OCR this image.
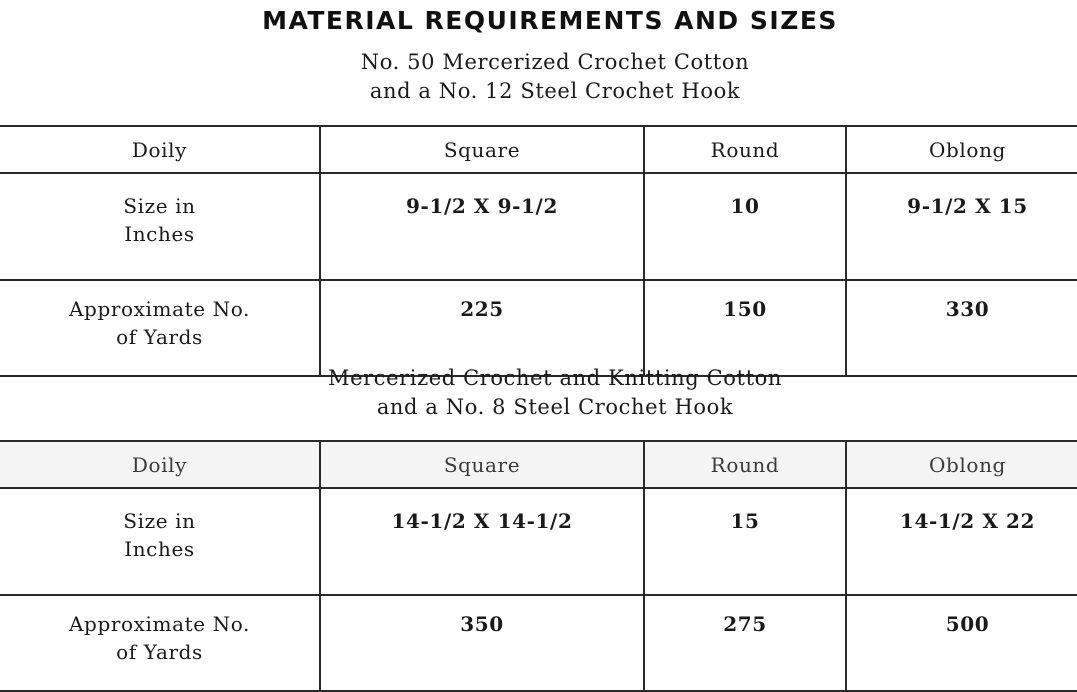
MATERIAL REQUIREMENTS AND SIZES
No. 50 Mercerized Crochet Cotton
and a No. 12 Steel Crochet Hook
Doily	Square	Round	Oblong

Size in
Inches	9-1/2 X 9-1/2	10	9-1/2 X 15

Approximate No.
of Yards	225	150	330
Mercerized Crochet and Knitting Cotton
and a No. 8 Steel Crochet Hook
Doily	Square	Round	Oblong

Size in
Inches	14-1/2 X 14-1/2	15	14-1/2 X 22

Approximate No.
of Yards	350	275	500
